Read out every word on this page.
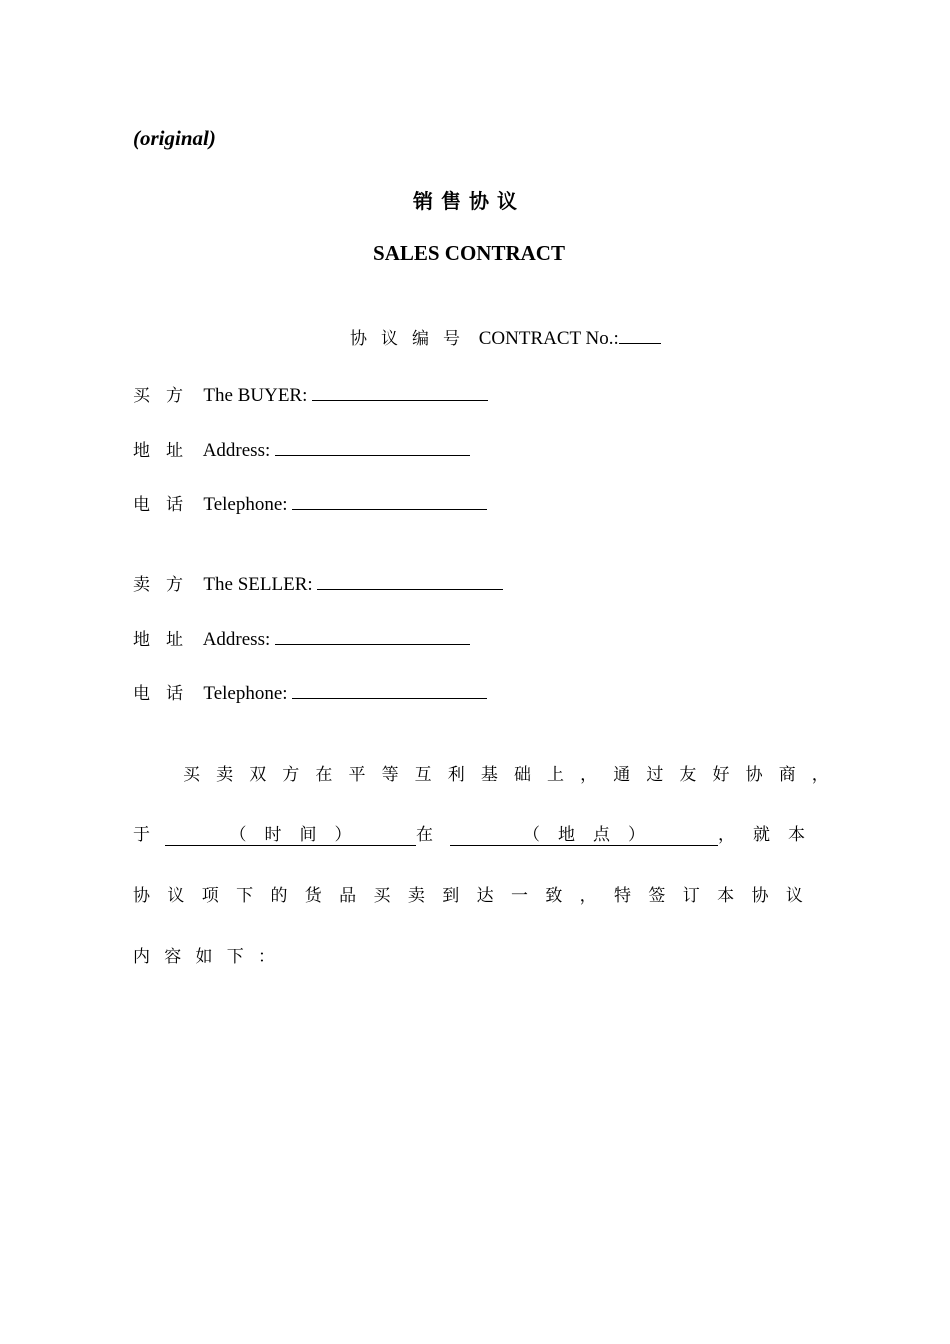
(original)
销售协议
SALES CONTRACT
协议编号 CONTRACT No.:
买方 The BUYER:
地址 Address:
电话 Telephone:
卖方 The SELLER:
地址 Address:
电话 Telephone:
买 卖 双 方 在 平 等 互 利 基 础 上 ， 通 过 友 好 协 商 ，
于	（时间）	在	（地点）	，就本
协 议 项 下 的 货 品 买 卖 到 达 一 致 ， 特 签 订 本 协 议
内 容 如 下 ：
